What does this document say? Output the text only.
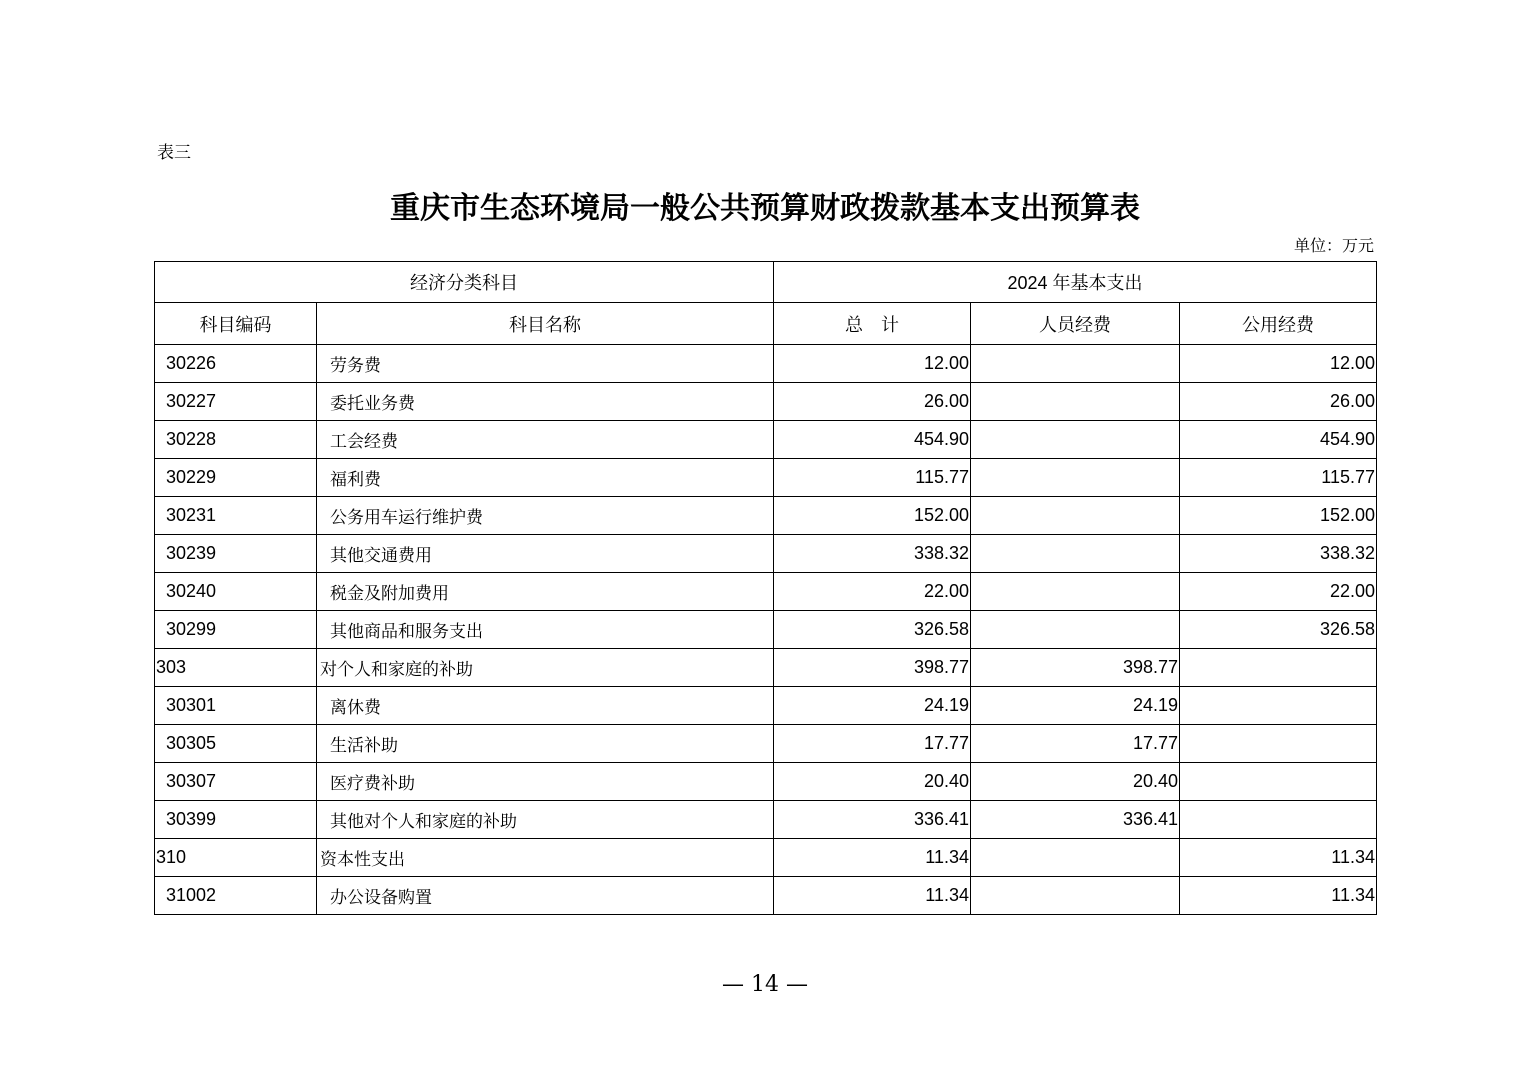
表三
重庆市生态环境局一般公共预算财政拨款基本支出预算表
单位：万元
经济分类科目		2024 年基本支出		
科目编码	科目名称	总　计	人员经费	公用经费
30226	劳务费	12.00		12.00
30227	委托业务费	26.00		26.00
30228	工会经费	454.90		454.90
30229	福利费	115.77		115.77
30231	公务用车运行维护费	152.00		152.00
30239	其他交通费用	338.32		338.32
30240	税金及附加费用	22.00		22.00
30299	其他商品和服务支出	326.58		326.58
303	对个人和家庭的补助	398.77	398.77	
30301	离休费	24.19	24.19	
30305	生活补助	17.77	17.77	
30307	医疗费补助	20.40	20.40	
30399	其他对个人和家庭的补助	336.41	336.41	
310	资本性支出	11.34		11.34
31002	办公设备购置	11.34		11.34
— 14 —
